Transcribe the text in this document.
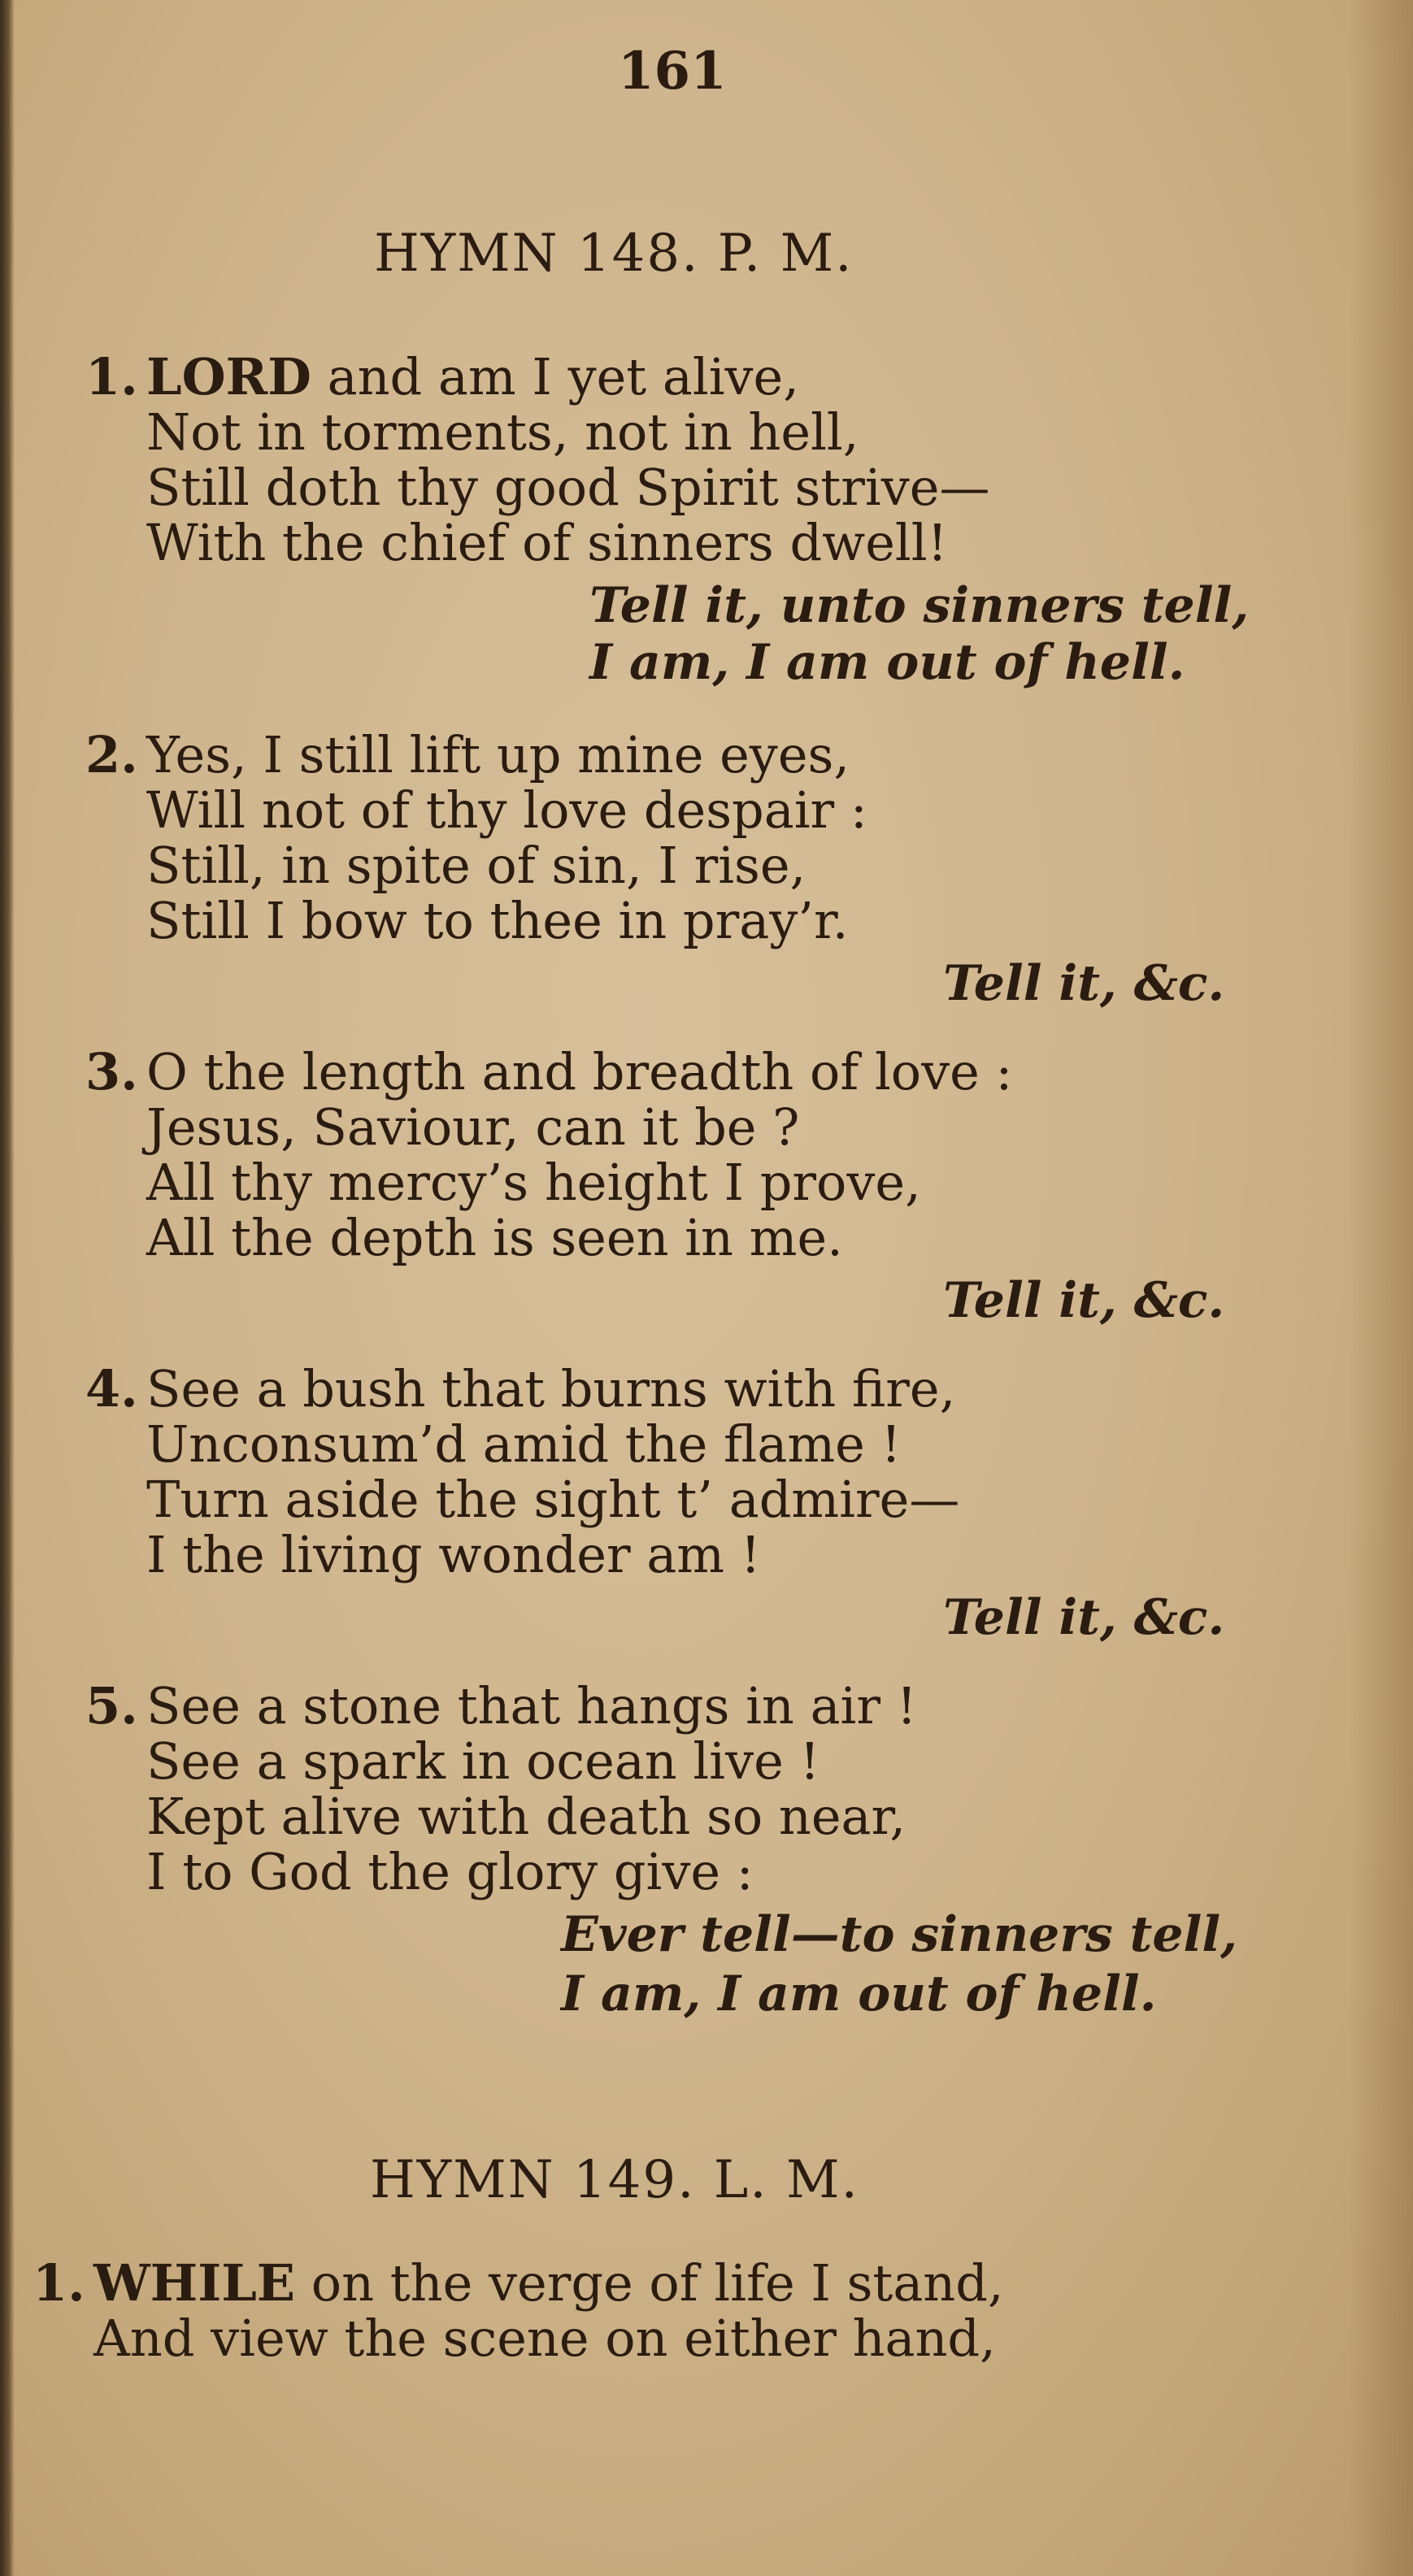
161
HYMN 148. P. M.
1. LORD and am I yet alive,
Not in torments, not in hell,
Still doth thy good Spirit strive—
With the chief of sinners dwell!
Tell it, unto sinners tell,
I am, I am out of hell.
2. Yes, I still lift up mine eyes,
Will not of thy love despair :
Still, in spite of sin, I rise,
Still I bow to thee in pray’r.
Tell it, &c.
3. O the length and breadth of love :
Jesus, Saviour, can it be ?
All thy mercy’s height I prove,
All the depth is seen in me.
Tell it, &c.
4. See a bush that burns with fire,
Unconsum’d amid the flame !
Turn aside the sight t’ admire—
I the living wonder am !
Tell it, &c.
5. See a stone that hangs in air !
See a spark in ocean live !
Kept alive with death so near,
I to God the glory give :
Ever tell—to sinners tell,
I am, I am out of hell.
HYMN 149. L. M.
1. WHILE on the verge of life I stand,
And view the scene on either hand,
